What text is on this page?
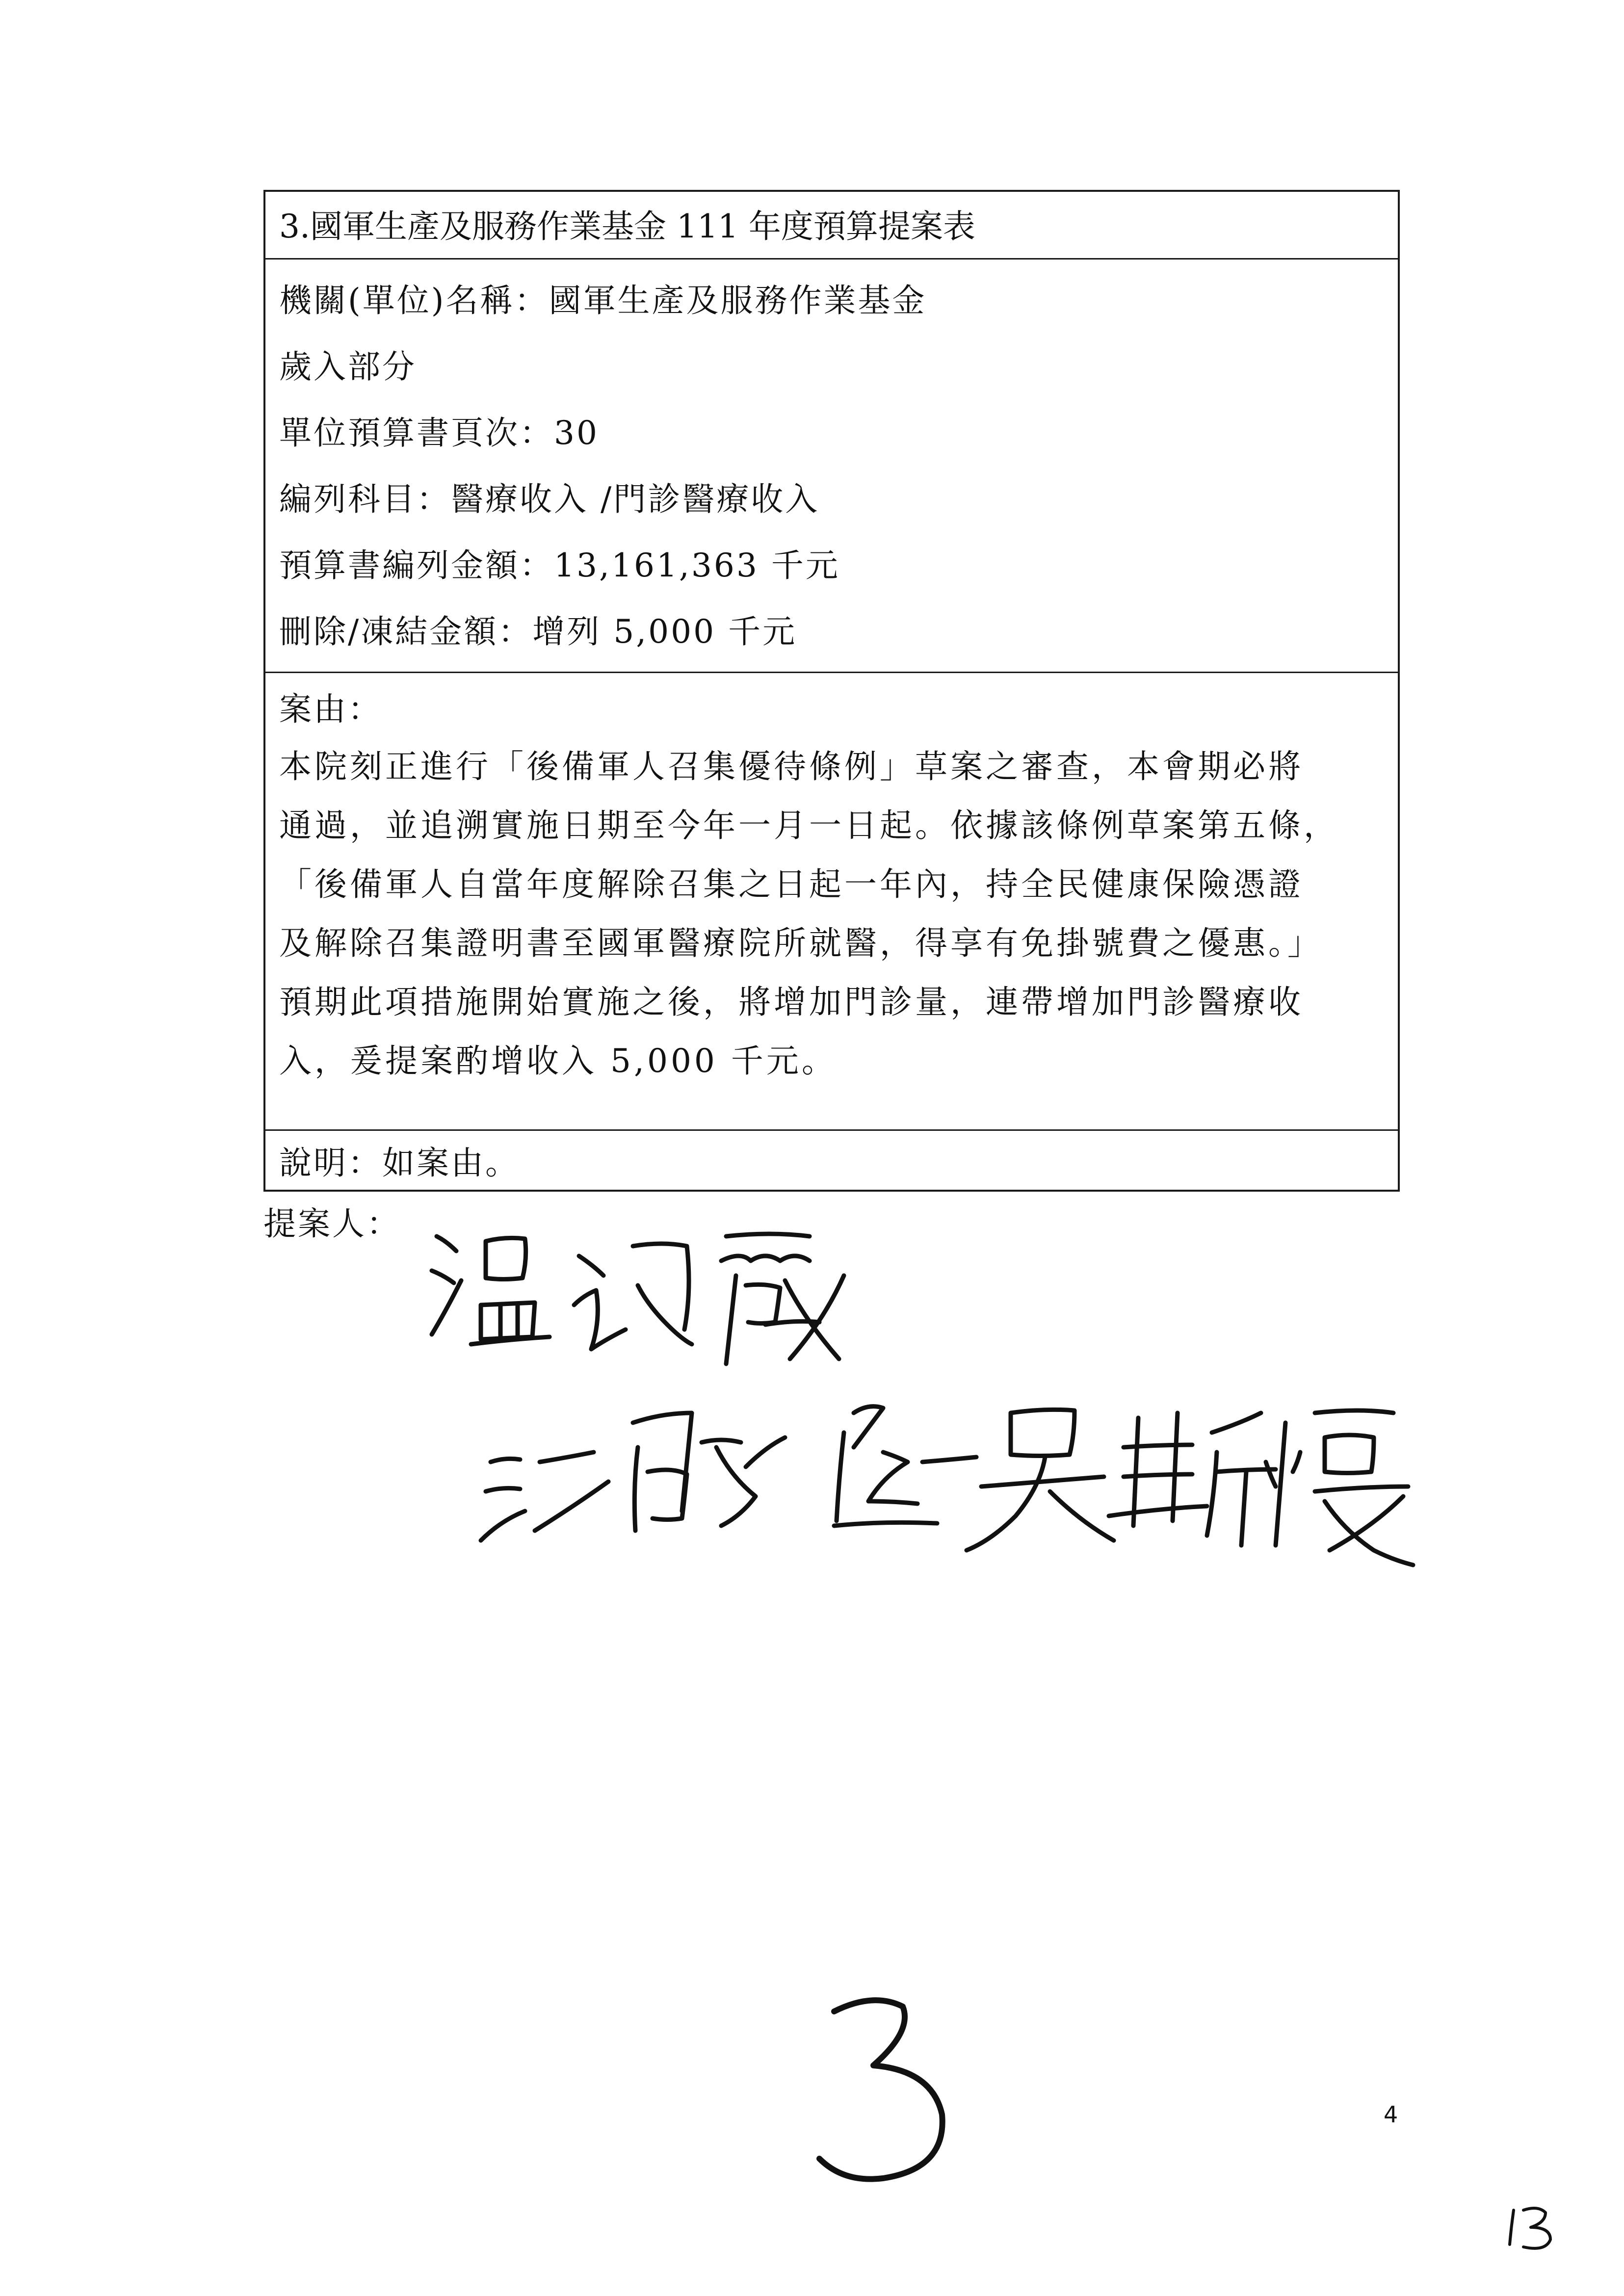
3.國軍生產及服務作業基金 111 年度預算提案表
機關(單位)名稱：國軍生產及服務作業基金
歲入部分
單位預算書頁次：30
編列科目：醫療收入 /門診醫療收入
預算書編列金額：13,161,363 千元
刪除/凍結金額：增列 5,000 千元
案由：
本院刻正進行「後備軍人召集優待條例」草案之審查，本會期必將
通過，並追溯實施日期至今年一月一日起。依據該條例草案第五條，
「後備軍人自當年度解除召集之日起一年內，持全民健康保險憑證
及解除召集證明書至國軍醫療院所就醫，得享有免掛號費之優惠。」
預期此項措施開始實施之後，將增加門診量，連帶增加門診醫療收
入，爰提案酌增收入 5,000 千元。
說明：如案由。
提案人：
4
